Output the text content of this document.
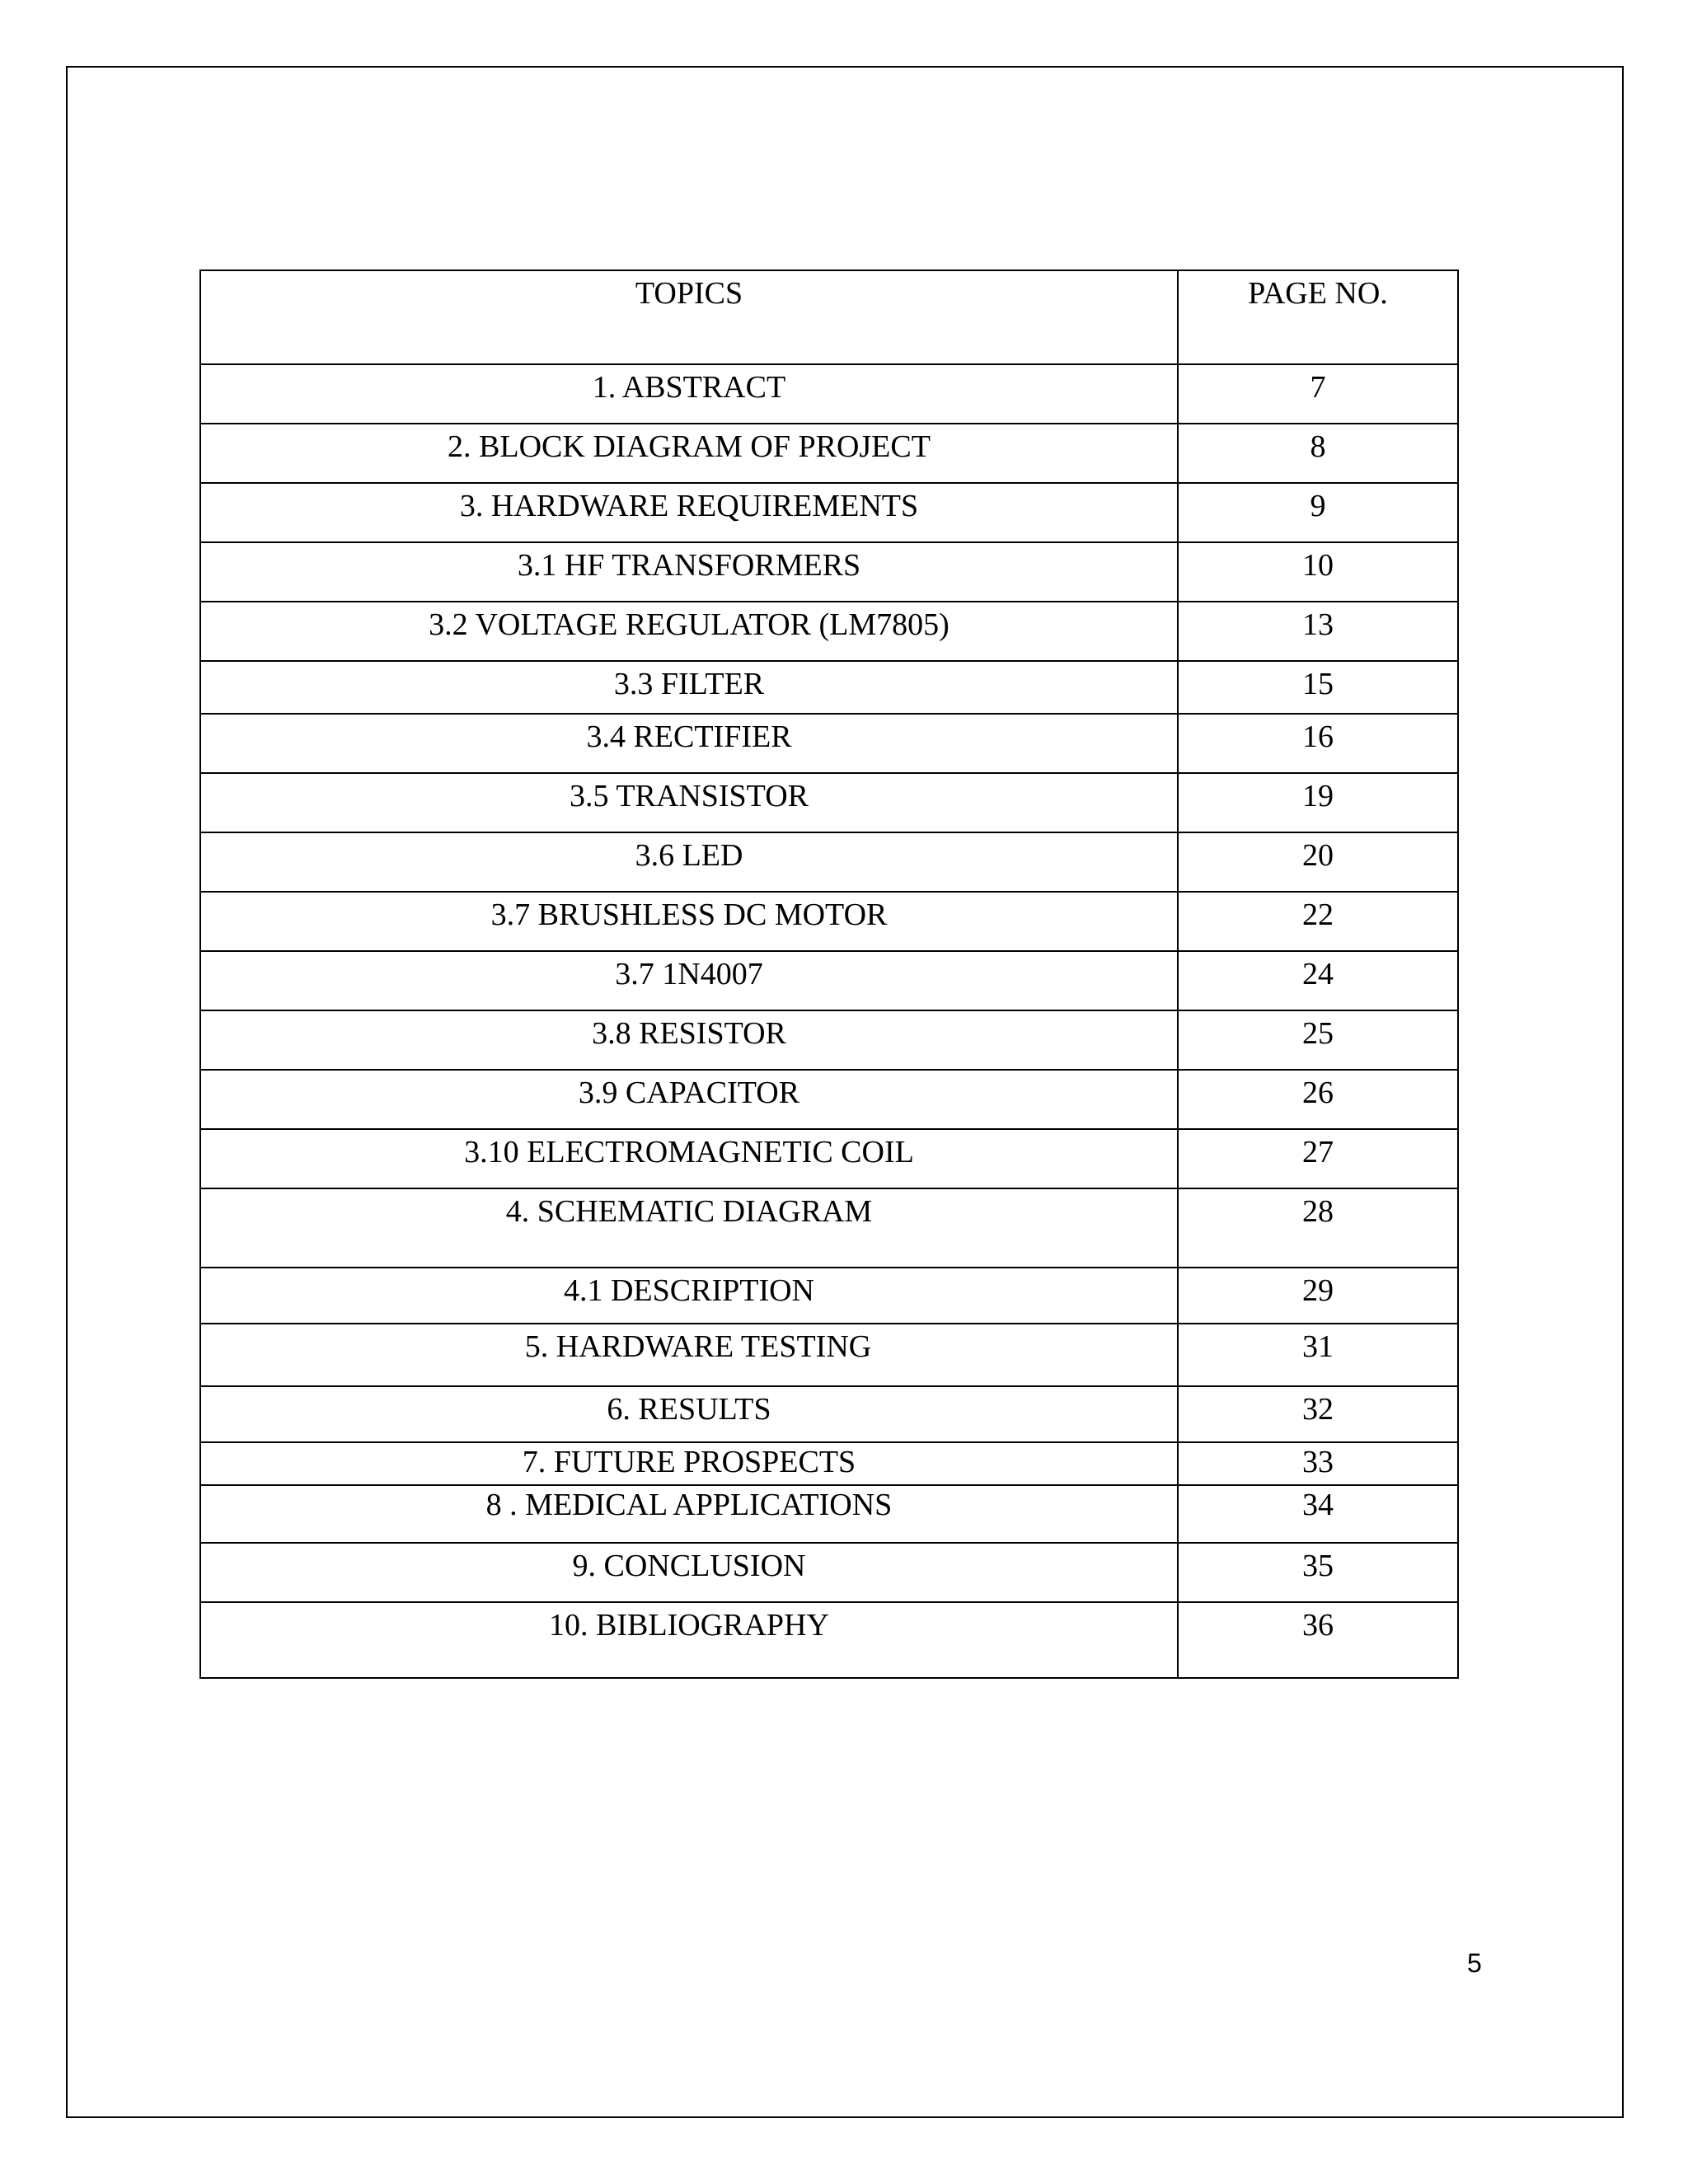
TOPICS	PAGE NO.
1. ABSTRACT	7
2. BLOCK DIAGRAM OF PROJECT	8
3. HARDWARE REQUIREMENTS	9
3.1 HF TRANSFORMERS	10
3.2 VOLTAGE REGULATOR (LM7805)	13
3.3 FILTER	15
3.4 RECTIFIER	16
3.5 TRANSISTOR	19
3.6 LED	20
3.7 BRUSHLESS DC MOTOR	22
3.7 1N4007	24
3.8 RESISTOR	25
3.9 CAPACITOR	26
3.10 ELECTROMAGNETIC COIL	27
4. SCHEMATIC DIAGRAM	28
4.1 DESCRIPTION	29
5. HARDWARE TESTING	31
6. RESULTS	32
7. FUTURE PROSPECTS	33
8 . MEDICAL APPLICATIONS	34
9. CONCLUSION	35
10. BIBLIOGRAPHY	36
5
